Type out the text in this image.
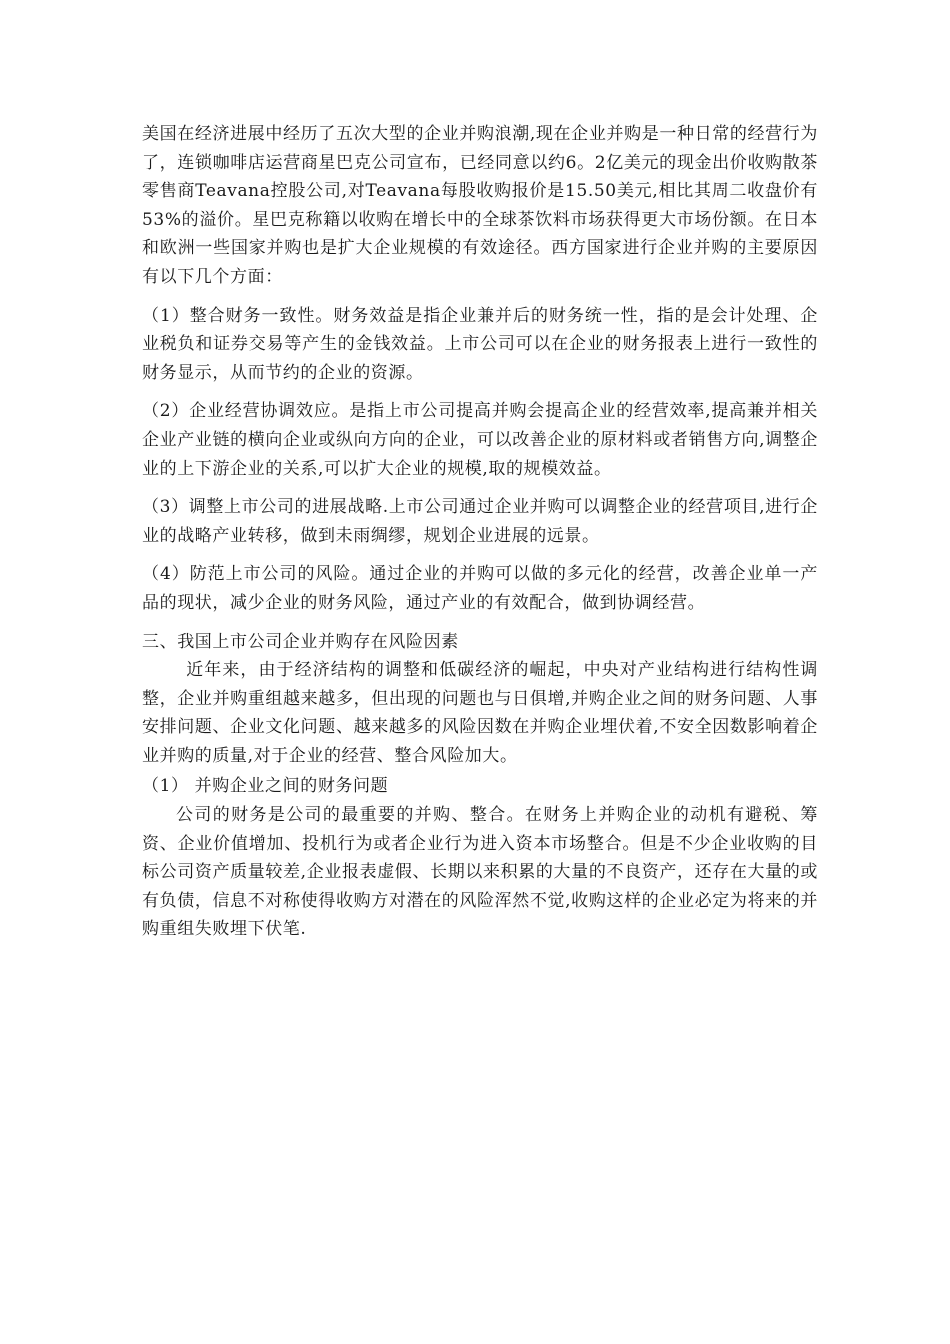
美国在经济进展中经历了五次大型的企业并购浪潮,现在企业并购是一种日常的经营行为了，连锁咖啡店运营商星巴克公司宣布，已经同意以约6。2亿美元的现金出价收购散茶零售商Teavana控股公司,对Teavana每股收购报价是15.50美元,相比其周二收盘价有53%的溢价。星巴克称籍以收购在增长中的全球茶饮料市场获得更大市场份额。在日本和欧洲一些国家并购也是扩大企业规模的有效途径。西方国家进行企业并购的主要原因有以下几个方面：

（1）整合财务一致性。财务效益是指企业兼并后的财务统一性，指的是会计处理、企业税负和证券交易等产生的金钱效益。上市公司可以在企业的财务报表上进行一致性的财务显示，从而节约的企业的资源。

（2）企业经营协调效应。是指上市公司提高并购会提高企业的经营效率,提高兼并相关企业产业链的横向企业或纵向方向的企业，可以改善企业的原材料或者销售方向,调整企业的上下游企业的关系,可以扩大企业的规模,取的规模效益。

（3）调整上市公司的进展战略.上市公司通过企业并购可以调整企业的经营项目,进行企业的战略产业转移，做到未雨绸缪，规划企业进展的远景。

（4）防范上市公司的风险。通过企业的并购可以做的多元化的经营，改善企业单一产品的现状，减少企业的财务风险，通过产业的有效配合，做到协调经营。

三、我国上市公司企业并购存在风险因素

近年来，由于经济结构的调整和低碳经济的崛起，中央对产业结构进行结构性调整，企业并购重组越来越多，但出现的问题也与日俱增,并购企业之间的财务问题、人事安排问题、企业文化问题、越来越多的风险因数在并购企业埋伏着,不安全因数影响着企业并购的质量,对于企业的经营、整合风险加大。

（1） 并购企业之间的财务问题

公司的财务是公司的最重要的并购、整合。在财务上并购企业的动机有避税、筹资、企业价值增加、投机行为或者企业行为进入资本市场整合。但是不少企业收购的目标公司资产质量较差,企业报表虚假、长期以来积累的大量的不良资产，还存在大量的或有负债，信息不对称使得收购方对潜在的风险浑然不觉,收购这样的企业必定为将来的并购重组失败埋下伏笔.
